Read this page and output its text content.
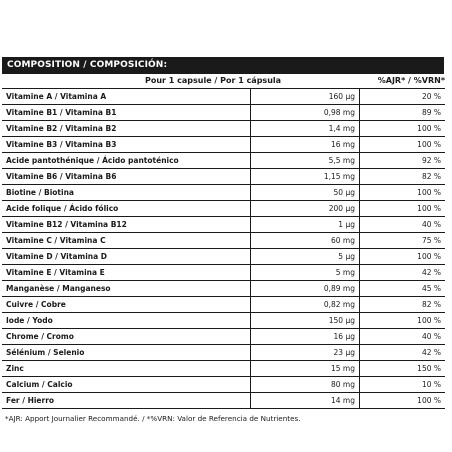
COMPOSITION / COMPOSICIÓN:
Pour 1 capsule / Por 1 cápsula	%AJR* / %VRN*
Vitamine A / Vitamina A	160 µg	20 %
Vitamine B1 / Vitamina B1	0,98 mg	89 %
Vitamine B2 / Vitamina B2	1,4 mg	100 %
Vitamine B3 / Vitamina B3	16 mg	100 %
Acide pantothénique / Ácido pantoténico	5,5 mg	92 %
Vitamine B6 / Vitamina B6	1,15 mg	82 %
Biotine / Biotina	50 µg	100 %
Acide folique / Ácido fólico	200 µg	100 %
Vitamine B12 / Vitamina B12	1 µg	40 %
Vitamine C / Vitamina C	60 mg	75 %
Vitamine D / Vitamina D	5 µg	100 %
Vitamine E / Vitamina E	5 mg	42 %
Manganèse / Manganeso	0,89 mg	45 %
Cuivre / Cobre	0,82 mg	82 %
Iode / Yodo	150 µg	100 %
Chrome / Cromo	16 µg	40 %
Sélénium / Selenio	23 µg	42 %
Zinc	15 mg	150 %
Calcium / Calcio	80 mg	10 %
Fer / Hierro	14 mg	100 %
*AJR: Apport Journalier Recommandé. / *%VRN: Valor de Referencia de Nutrientes.
